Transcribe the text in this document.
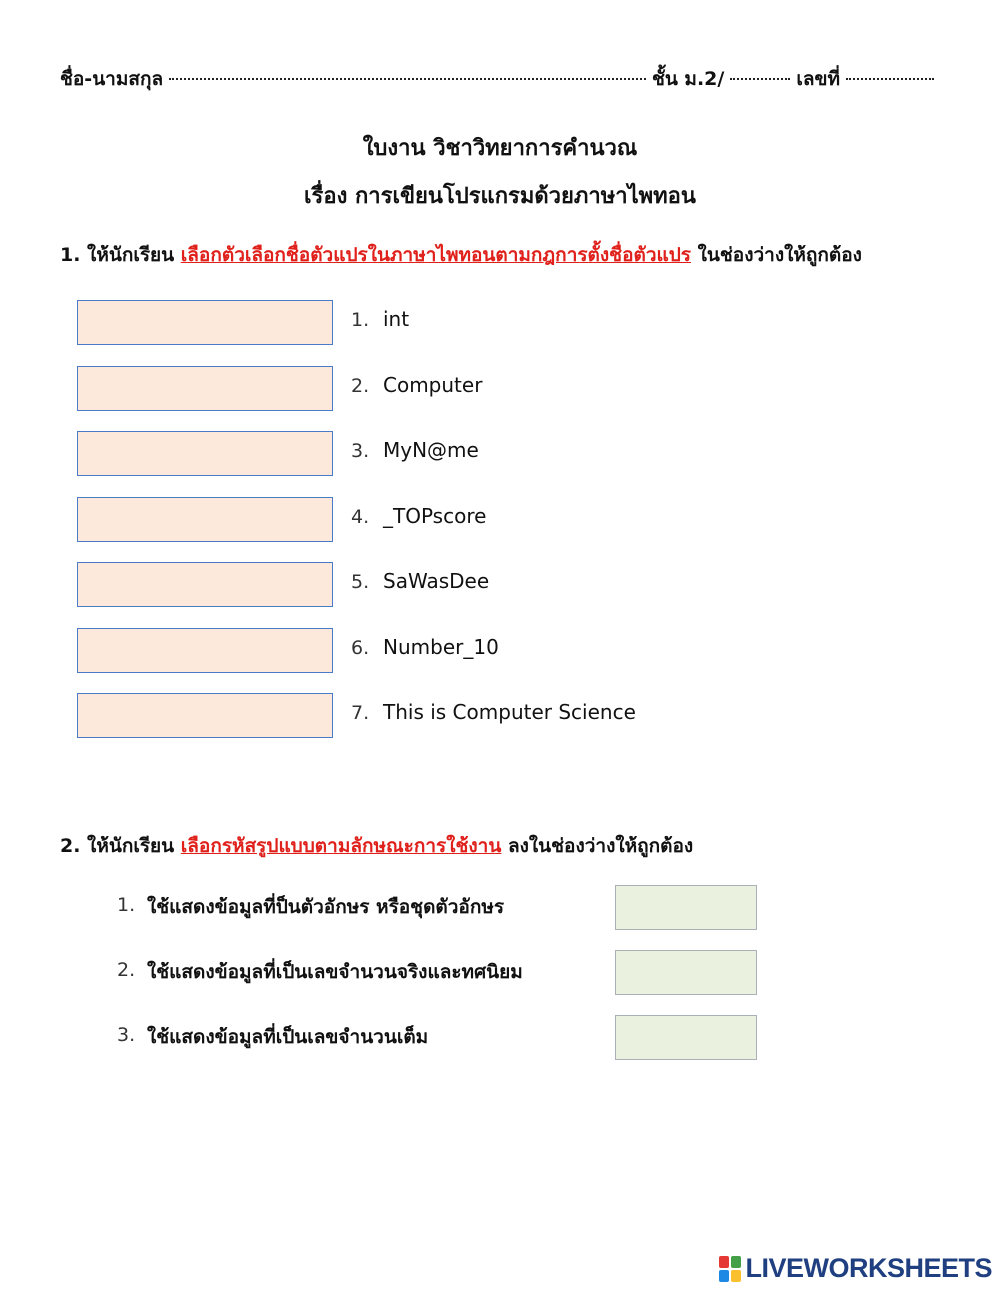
ชื่อ-นามสกุล	ชั้น ม.2/	เลขที่
ใบงาน วิชาวิทยาการคำนวณ
เรื่อง การเขียนโปรแกรมด้วยภาษาไพทอน
1. ให้นักเรียน เลือกตัวเลือกชื่อตัวแปรในภาษาไพทอนตามกฎการตั้งชื่อตัวแปร ในช่องว่างให้ถูกต้อง
1. int
2. Computer
3. MyN@me
4. _TOPscore
5. SaWasDee
6. Number_10
7. This is Computer Science
2. ให้นักเรียน เลือกรหัสรูปแบบตามลักษณะการใช้งาน ลงในช่องว่างให้ถูกต้อง
1. ใช้แสดงข้อมูลที่ป็นตัวอักษร หรือชุดตัวอักษร
2. ใช้แสดงข้อมูลที่เป็นเลขจำนวนจริงและทศนิยม
3. ใช้แสดงข้อมูลที่เป็นเลขจำนวนเต็ม
LIVEWORKSHEETS
